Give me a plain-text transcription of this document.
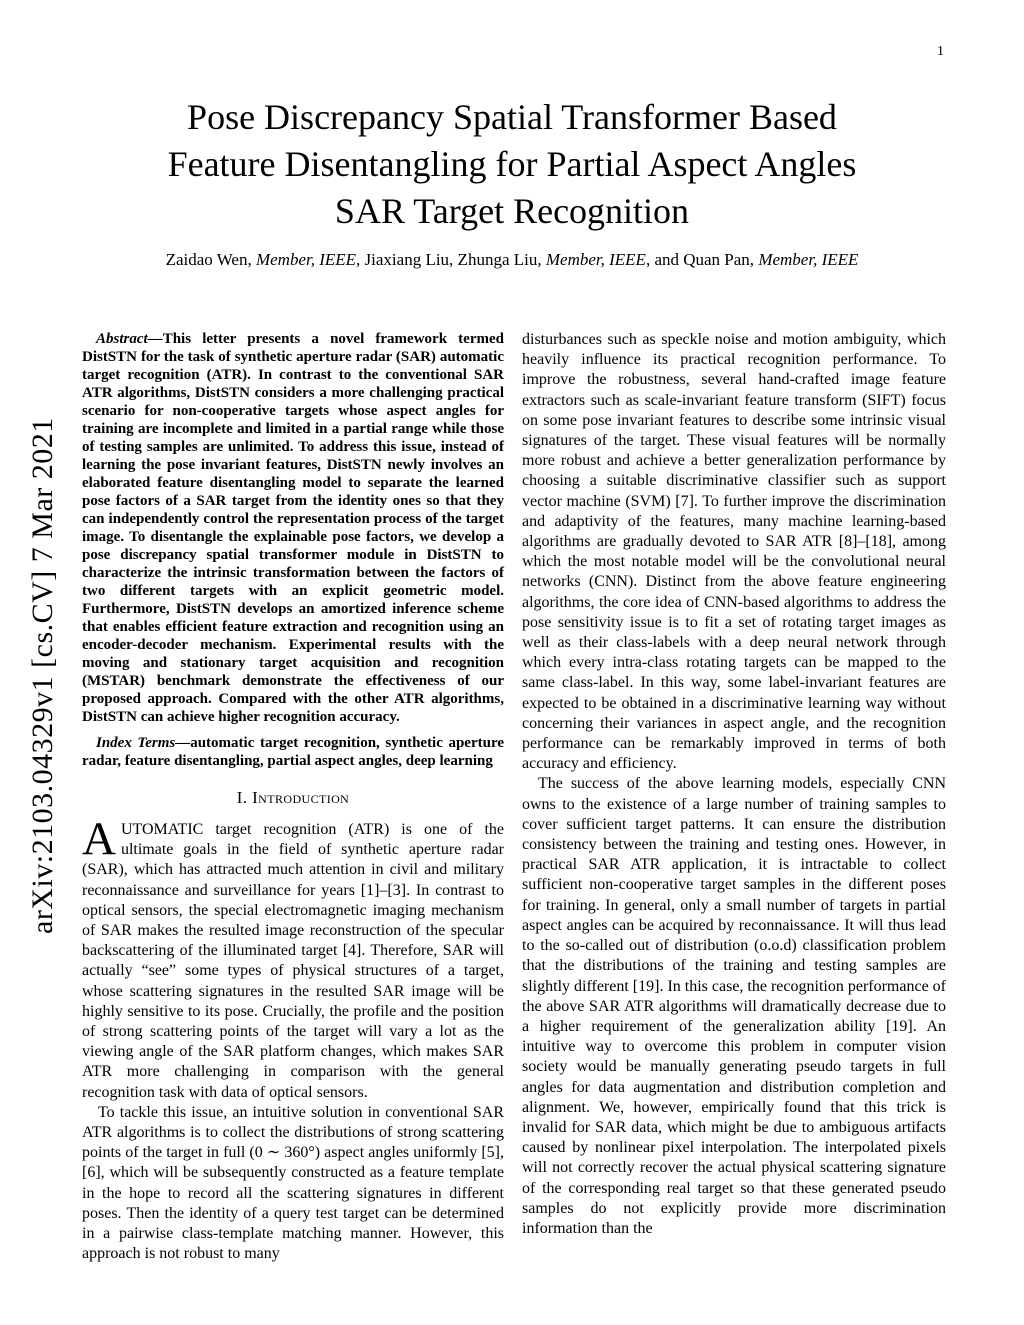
1
arXiv:2103.04329v1 [cs.CV] 7 Mar 2021
Pose Discrepancy Spatial Transformer Based
Feature Disentangling for Partial Aspect Angles
SAR Target Recognition
Zaidao Wen, Member, IEEE, Jiaxiang Liu, Zhunga Liu, Member, IEEE, and Quan Pan, Member, IEEE

Abstract—This letter presents a novel framework termed DistSTN for the task of synthetic aperture radar (SAR) automatic target recognition (ATR). In contrast to the conventional SAR ATR algorithms, DistSTN considers a more challenging practical scenario for non-cooperative targets whose aspect angles for training are incomplete and limited in a partial range while those of testing samples are unlimited. To address this issue, instead of learning the pose invariant features, DistSTN newly involves an elaborated feature disentangling model to separate the learned pose factors of a SAR target from the identity ones so that they can independently control the representation process of the target image. To disentangle the explainable pose factors, we develop a pose discrepancy spatial transformer module in DistSTN to characterize the intrinsic transformation between the factors of two different targets with an explicit geometric model. Furthermore, DistSTN develops an amortized inference scheme that enables efficient feature extraction and recognition using an encoder-decoder mechanism. Experimental results with the moving and stationary target acquisition and recognition (MSTAR) benchmark demonstrate the effectiveness of our proposed approach. Compared with the other ATR algorithms, DistSTN can achieve higher recognition accuracy.

Index Terms—automatic target recognition, synthetic aperture radar, feature disentangling, partial aspect angles, deep learning

I. Introduction

AUTOMATIC target recognition (ATR) is one of the ultimate goals in the field of synthetic aperture radar (SAR), which has attracted much attention in civil and military reconnaissance and surveillance for years [1]–[3]. In contrast to optical sensors, the special electromagnetic imaging mechanism of SAR makes the resulted image reconstruction of the specular backscattering of the illuminated target [4]. Therefore, SAR will actually “see” some types of physical structures of a target, whose scattering signatures in the resulted SAR image will be highly sensitive to its pose. Crucially, the profile and the position of strong scattering points of the target will vary a lot as the viewing angle of the SAR platform changes, which makes SAR ATR more challenging in comparison with the general recognition task with data of optical sensors.

To tackle this issue, an intuitive solution in conventional SAR ATR algorithms is to collect the distributions of strong scattering points of the target in full (0 ∼ 360°) aspect angles uniformly [5], [6], which will be subsequently constructed as a feature template in the hope to record all the scattering signatures in different poses. Then the identity of a query test target can be determined in a pairwise class-template matching manner. However, this approach is not robust to many

disturbances such as speckle noise and motion ambiguity, which heavily influence its practical recognition performance. To improve the robustness, several hand-crafted image feature extractors such as scale-invariant feature transform (SIFT) focus on some pose invariant features to describe some intrinsic visual signatures of the target. These visual features will be normally more robust and achieve a better generalization performance by choosing a suitable discriminative classifier such as support vector machine (SVM) [7]. To further improve the discrimination and adaptivity of the features, many machine learning-based algorithms are gradually devoted to SAR ATR [8]–[18], among which the most notable model will be the convolutional neural networks (CNN). Distinct from the above feature engineering algorithms, the core idea of CNN-based algorithms to address the pose sensitivity issue is to fit a set of rotating target images as well as their class-labels with a deep neural network through which every intra-class rotating targets can be mapped to the same class-label. In this way, some label-invariant features are expected to be obtained in a discriminative learning way without concerning their variances in aspect angle, and the recognition performance can be remarkably improved in terms of both accuracy and efficiency.

The success of the above learning models, especially CNN owns to the existence of a large number of training samples to cover sufficient target patterns. It can ensure the distribution consistency between the training and testing ones. However, in practical SAR ATR application, it is intractable to collect sufficient non-cooperative target samples in the different poses for training. In general, only a small number of targets in partial aspect angles can be acquired by reconnaissance. It will thus lead to the so-called out of distribution (o.o.d) classification problem that the distributions of the training and testing samples are slightly different [19]. In this case, the recognition performance of the above SAR ATR algorithms will dramatically decrease due to a higher requirement of the generalization ability [19]. An intuitive way to overcome this problem in computer vision society would be manually generating pseudo targets in full angles for data augmentation and distribution completion and alignment. We, however, empirically found that this trick is invalid for SAR data, which might be due to ambiguous artifacts caused by nonlinear pixel interpolation. The interpolated pixels will not correctly recover the actual physical scattering signature of the corresponding real target so that these generated pseudo samples do not explicitly provide more discrimination information than the
